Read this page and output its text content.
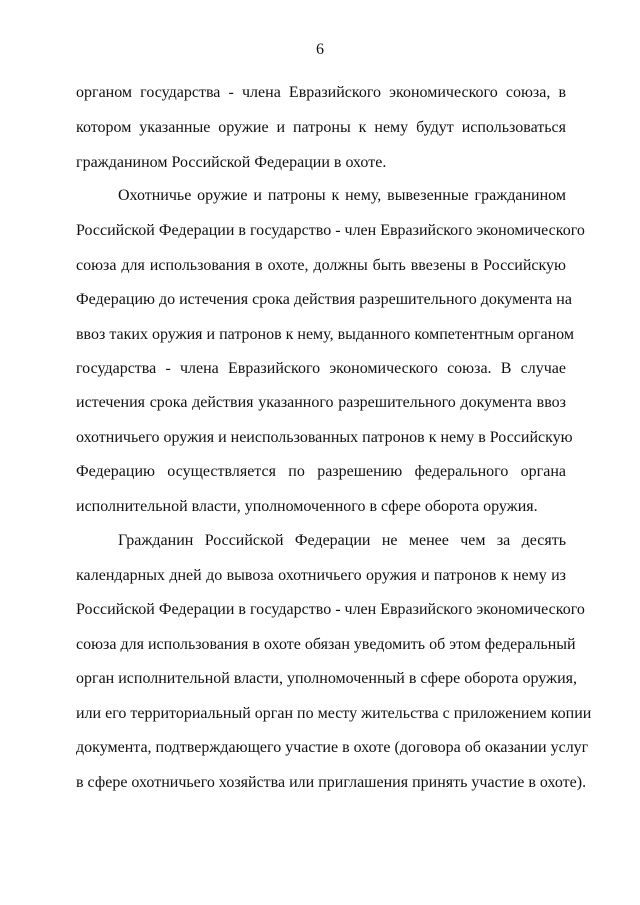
6
органом государства - члена Евразийского экономического союза, в
котором указанные оружие и патроны к нему будут использоваться
гражданином Российской Федерации в охоте.
Охотничье оружие и патроны к нему, вывезенные гражданином
Российской Федерации в государство - член Евразийского экономического
союза для использования в охоте, должны быть ввезены в Российскую
Федерацию до истечения срока действия разрешительного документа на
ввоз таких оружия и патронов к нему, выданного компетентным органом
государства - члена Евразийского экономического союза. В случае
истечения срока действия указанного разрешительного документа ввоз
охотничьего оружия и неиспользованных патронов к нему в Российскую
Федерацию осуществляется по разрешению федерального органа
исполнительной власти, уполномоченного в сфере оборота оружия.
Гражданин Российской Федерации не менее чем за десять
календарных дней до вывоза охотничьего оружия и патронов к нему из
Российской Федерации в государство - член Евразийского экономического
союза для использования в охоте обязан уведомить об этом федеральный
орган исполнительной власти, уполномоченный в сфере оборота оружия,
или его территориальный орган по месту жительства с приложением копии
документа, подтверждающего участие в охоте (договора об оказании услуг
в сфере охотничьего хозяйства или приглашения принять участие в охоте).
